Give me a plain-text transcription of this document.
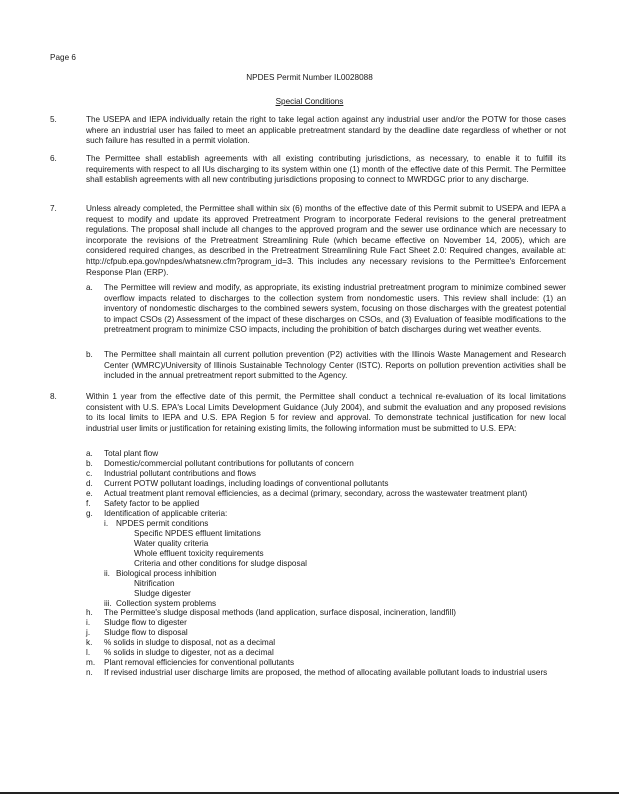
Page 6
NPDES Permit Number IL0028088
Special Conditions
5.	The USEPA and IEPA individually retain the right to take legal action against any industrial user and/or the POTW for those cases where an industrial user has failed to meet an applicable pretreatment standard by the deadline date regardless of whether or not such failure has resulted in a permit violation.
6.	The Permittee shall establish agreements with all existing contributing jurisdictions, as necessary, to enable it to fulfill its requirements with respect to all IUs discharging to its system within one (1) month of the effective date of this Permit. The Permittee shall establish agreements with all new contributing jurisdictions proposing to connect to MWRDGC prior to any discharge.
7.	Unless already completed, the Permittee shall within six (6) months of the effective date of this Permit submit to USEPA and IEPA a request to modify and update its approved Pretreatment Program to incorporate Federal revisions to the general pretreatment regulations. The proposal shall include all changes to the approved program and the sewer use ordinance which are necessary to incorporate the revisions of the Pretreatment Streamlining Rule (which became effective on November 14, 2005), which are considered required changes, as described in the Pretreatment Streamlining Rule Fact Sheet 2.0: Required changes, available at: http://cfpub.epa.gov/npdes/whatsnew.cfm?program_id=3. This includes any necessary revisions to the Permittee's Enforcement Response Plan (ERP).
a. The Permittee will review and modify, as appropriate, its existing industrial pretreatment program to minimize combined sewer overflow impacts related to discharges to the collection system from nondomestic users. This review shall include: (1) an inventory of nondomestic discharges to the combined sewers system, focusing on those discharges with the greatest potential to impact CSOs (2) Assessment of the impact of these discharges on CSOs, and (3) Evaluation of feasible modifications to the pretreatment program to minimize CSO impacts, including the prohibition of batch discharges during wet weather events.
b. The Permittee shall maintain all current pollution prevention (P2) activities with the Illinois Waste Management and Research Center (WMRC)/University of Illinois Sustainable Technology Center (ISTC). Reports on pollution prevention activities shall be included in the annual pretreatment report submitted to the Agency.
8.	Within 1 year from the effective date of this permit, the Permittee shall conduct a technical re-evaluation of its local limitations consistent with U.S. EPA's Local Limits Development Guidance (July 2004), and submit the evaluation and any proposed revisions to its local limits to IEPA and U.S. EPA Region 5 for review and approval. To demonstrate technical justification for new local industrial user limits or justification for retaining existing limits, the following information must be submitted to U.S. EPA:
a. Total plant flow
b. Domestic/commercial pollutant contributions for pollutants of concern
c. Industrial pollutant contributions and flows
d. Current POTW pollutant loadings, including loadings of conventional pollutants
e. Actual treatment plant removal efficiencies, as a decimal (primary, secondary, across the wastewater treatment plant)
f. Safety factor to be applied
g. Identification of applicable criteria:
i. NPDES permit conditions
Specific NPDES effluent limitations
Water quality criteria
Whole effluent toxicity requirements
Criteria and other conditions for sludge disposal
ii. Biological process inhibition
Nitrification
Sludge digester
iii. Collection system problems
h. The Permittee's sludge disposal methods (land application, surface disposal, incineration, landfill)
i. Sludge flow to digester
j. Sludge flow to disposal
k. % solids in sludge to disposal, not as a decimal
l. % solids in sludge to digester, not as a decimal
m. Plant removal efficiencies for conventional pollutants
n. If revised industrial user discharge limits are proposed, the method of allocating available pollutant loads to industrial users
